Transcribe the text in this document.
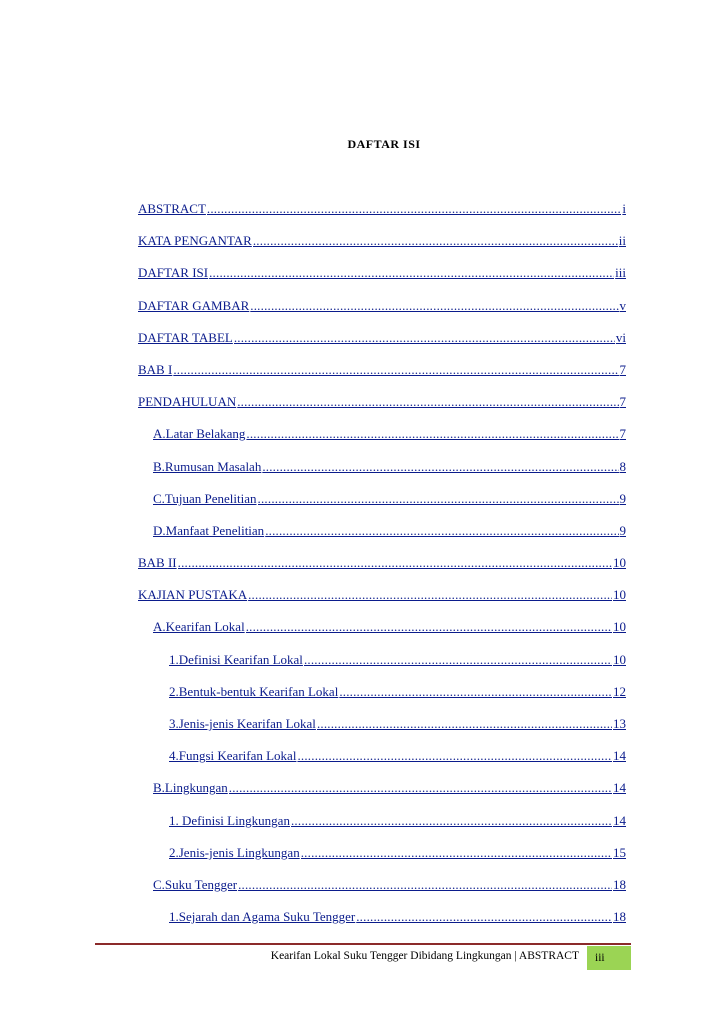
DAFTAR ISI
ABSTRACT .....	i
KATA PENGANTAR .....	ii
DAFTAR ISI .....	iii
DAFTAR GAMBAR .....	v
DAFTAR TABEL .....	vi
BAB I .....	7
PENDAHULUAN .....	7
A.Latar Belakang .....	7
B.Rumusan Masalah .....	8
C.Tujuan Penelitian .....	9
D.Manfaat Penelitian .....	9
BAB II .....	10
KAJIAN PUSTAKA .....	10
A.Kearifan Lokal .....	10
1.Definisi Kearifan Lokal .....	10
2.Bentuk-bentuk Kearifan Lokal .....	12
3.Jenis-jenis Kearifan Lokal .....	13
4.Fungsi Kearifan Lokal .....	14
B.Lingkungan .....	14
1. Definisi Lingkungan .....	14
2.Jenis-jenis Lingkungan .....	15
C.Suku Tengger .....	18
1.Sejarah dan Agama Suku Tengger .....	18
Kearifan Lokal Suku Tengger Dibidang Lingkungan | ABSTRACT	iii
